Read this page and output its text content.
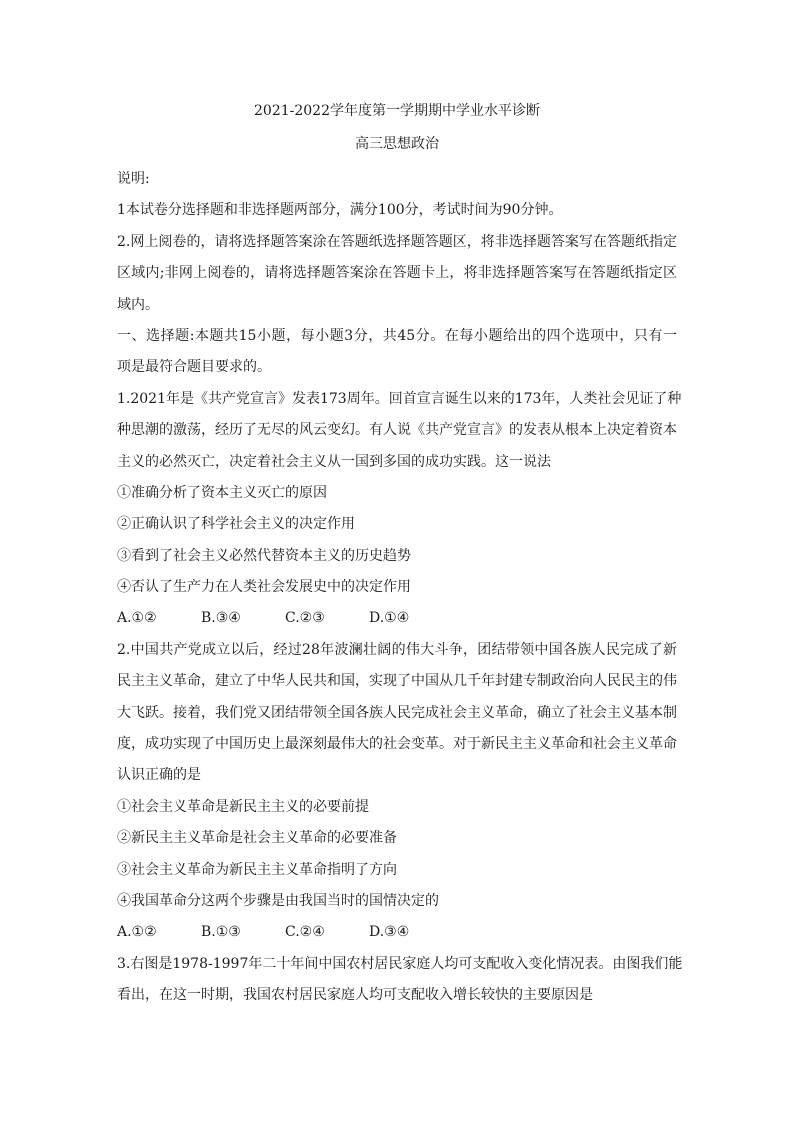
2021-2022学年度第一学期期中学业水平诊断
高三思想政治
说明:
1本试卷分选择题和非选择题两部分，满分100分，考试时间为90分钟。
2.网上阅卷的，请将选择题答案涂在答题纸选择题答题区，将非选择题答案写在答题纸指定
区域内;非网上阅卷的，请将选择题答案涂在答题卡上，将非选择题答案写在答题纸指定区
域内。
一、选择题:本题共15小题，每小题3分，共45分。在每小题给出的四个选项中，只有一
项是最符合题目要求的。
1.2021年是《共产党宣言》发表173周年。回首宣言诞生以来的173年，人类社会见证了种
种思潮的激荡，经历了无尽的风云变幻。有人说《共产党宣言》的发表从根本上决定着资本
主义的必然灭亡，决定着社会主义从一国到多国的成功实践。这一说法
①准确分析了资本主义灭亡的原因
②正确认识了科学社会主义的决定作用
③看到了社会主义必然代替资本主义的历史趋势
④否认了生产力在人类社会发展史中的决定作用
A.①②	B.③④	C.②③	D.①④
2.中国共产党成立以后，经过28年波澜壮阔的伟大斗争，团结带领中国各族人民完成了新
民主主义革命，建立了中华人民共和国，实现了中国从几千年封建专制政治向人民民主的伟
大飞跃。接着，我们党又团结带领全国各族人民完成社会主义革命，确立了社会主义基本制
度，成功实现了中国历史上最深刻最伟大的社会变革。对于新民主主义革命和社会主义革命
认识正确的是
①社会主义革命是新民主主义的必要前提
②新民主主义革命是社会主义革命的必要准备
③社会主义革命为新民主主义革命指明了方向
④我国革命分这两个步骤是由我国当时的国情决定的
A.①②	B.①③	C.②④	D.③④
3.右图是1978-1997年二十年间中国农村居民家庭人均可支配收入变化情况表。由图我们能
看出，在这一时期，我国农村居民家庭人均可支配收入增长较快的主要原因是
